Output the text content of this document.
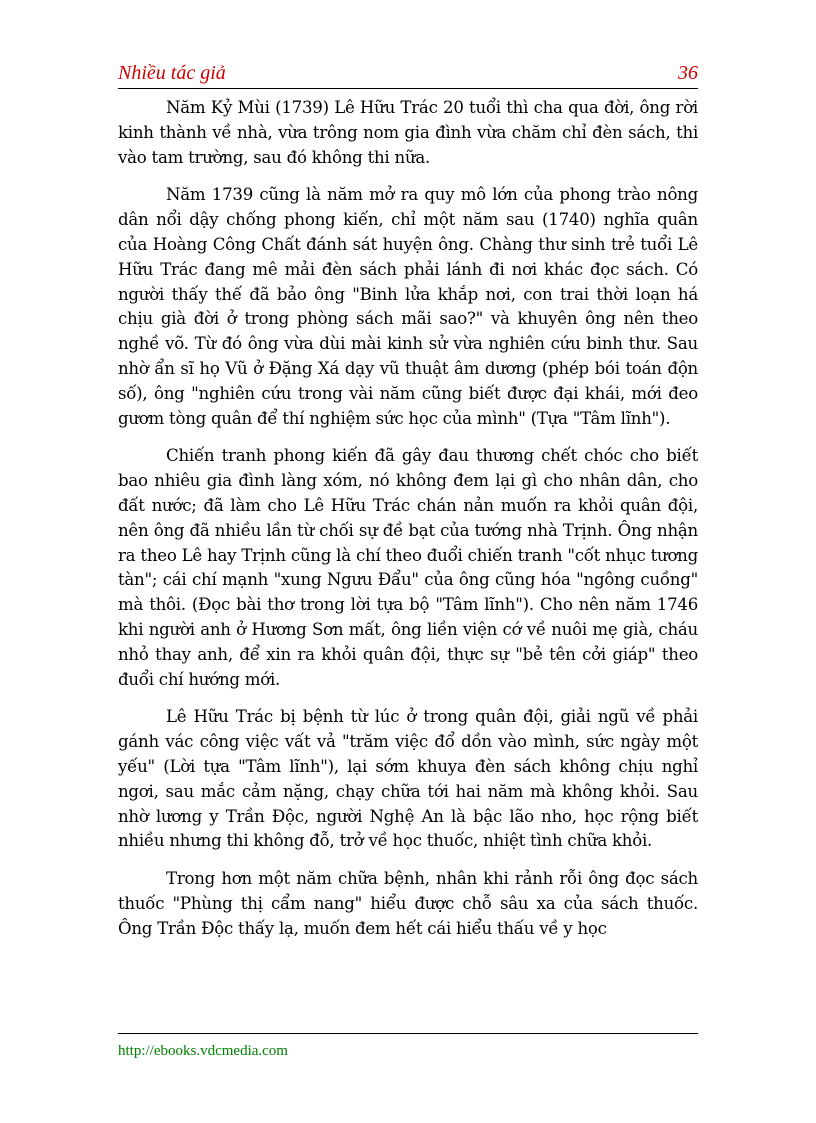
Nhiều tác giả	36

Năm Kỷ Mùi (1739) Lê Hữu Trác 20 tuổi thì cha qua đời, ông rời kinh thành về nhà, vừa trông nom gia đình vừa chăm chỉ đèn sách, thi vào tam trường, sau đó không thi nữa.

Năm 1739 cũng là năm mở ra quy mô lớn của phong trào nông dân nổi dậy chống phong kiến, chỉ một năm sau (1740) nghĩa quân của Hoàng Công Chất đánh sát huyện ông. Chàng thư sinh trẻ tuổi Lê Hữu Trác đang mê mải đèn sách phải lánh đi nơi khác đọc sách. Có người thấy thế đã bảo ông "Binh lửa khắp nơi, con trai thời loạn há chịu già đời ở trong phòng sách mãi sao?" và khuyên ông nên theo nghề võ. Từ đó ông vừa dùi mài kinh sử vừa nghiên cứu binh thư. Sau nhờ ẩn sĩ họ Vũ ở Đặng Xá dạy vũ thuật âm dương (phép bói toán độn số), ông "nghiên cứu trong vài năm cũng biết được đại khái, mới đeo gươm tòng quân để thí nghiệm sức học của mình" (Tựa "Tâm lĩnh").

Chiến tranh phong kiến đã gây đau thương chết chóc cho biết bao nhiêu gia đình làng xóm, nó không đem lại gì cho nhân dân, cho đất nước; đã làm cho Lê Hữu Trác chán nản muốn ra khỏi quân đội, nên ông đã nhiều lần từ chối sự đề bạt của tướng nhà Trịnh. Ông nhận ra theo Lê hay Trịnh cũng là chí theo đuổi chiến tranh "cốt nhục tương tàn"; cái chí mạnh "xung Ngưu Đẩu" của ông cũng hóa "ngông cuồng" mà thôi. (Đọc bài thơ trong lời tựa bộ "Tâm lĩnh"). Cho nên năm 1746 khi người anh ở Hương Sơn mất, ông liền viện cớ về nuôi mẹ già, cháu nhỏ thay anh, để xin ra khỏi quân đội, thực sự "bẻ tên cởi giáp" theo đuổi chí hướng mới.

Lê Hữu Trác bị bệnh từ lúc ở trong quân đội, giải ngũ về phải gánh vác công việc vất vả "trăm việc đổ dồn vào mình, sức ngày một yếu" (Lời tựa "Tâm lĩnh"), lại sớm khuya đèn sách không chịu nghỉ ngơi, sau mắc cảm nặng, chạy chữa tới hai năm mà không khỏi. Sau nhờ lương y Trần Độc, người Nghệ An là bậc lão nho, học rộng biết nhiều nhưng thi không đỗ, trở về học thuốc, nhiệt tình chữa khỏi.

Trong hơn một năm chữa bệnh, nhân khi rảnh rỗi ông đọc sách thuốc "Phùng thị cẩm nang" hiểu được chỗ sâu xa của sách thuốc. Ông Trần Độc thấy lạ, muốn đem hết cái hiểu thấu về y học

http://ebooks.vdcmedia.com
